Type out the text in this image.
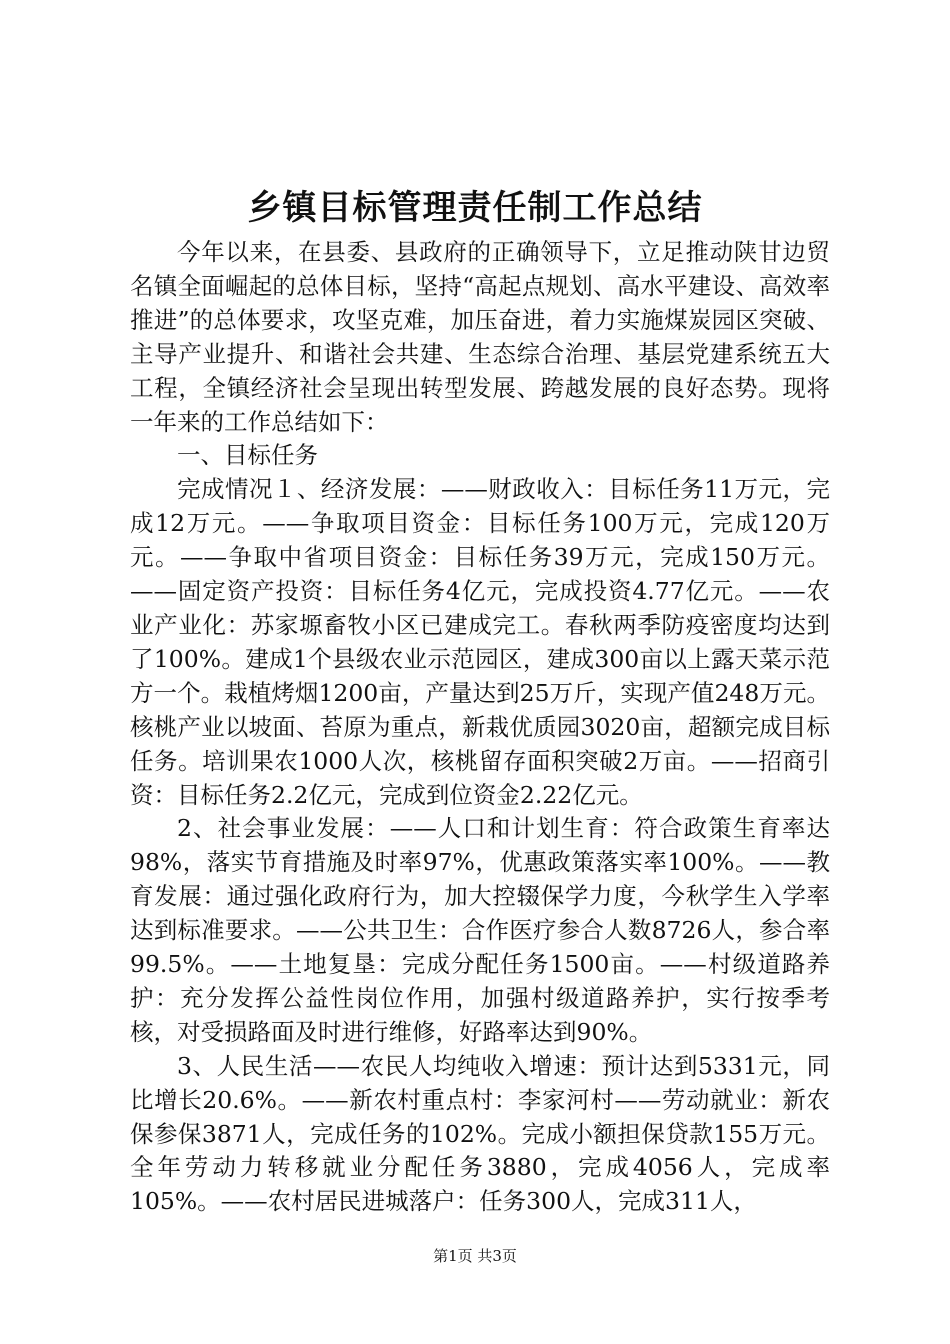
乡镇目标管理责任制工作总结

今年以来，在县委、县政府的正确领导下，立足推动陕甘边贸名镇全面崛起的总体目标，坚持“高起点规划、高水平建设、高效率推进”的总体要求，攻坚克难，加压奋进，着力实施煤炭园区突破、主导产业提升、和谐社会共建、生态综合治理、基层党建系统五大工程，全镇经济社会呈现出转型发展、跨越发展的良好态势。现将一年来的工作总结如下：

一、目标任务

完成情况１、经济发展：——财政收入：目标任务11万元，完成12万元。——争取项目资金：目标任务100万元，完成120万元。——争取中省项目资金：目标任务39万元，完成150万元。——固定资产投资：目标任务4亿元，完成投资4.77亿元。——农业产业化：苏家塬畜牧小区已建成完工。春秋两季防疫密度均达到了100%。建成1个县级农业示范园区，建成300亩以上露天菜示范方一个。栽植烤烟1200亩，产量达到25万斤，实现产值248万元。核桃产业以坡面、苔原为重点，新栽优质园3020亩，超额完成目标任务。培训果农1000人次，核桃留存面积突破2万亩。——招商引资：目标任务2.2亿元，完成到位资金2.22亿元。

2、社会事业发展：——人口和计划生育：符合政策生育率达98%，落实节育措施及时率97%，优惠政策落实率100%。——教育发展：通过强化政府行为，加大控辍保学力度，今秋学生入学率达到标准要求。——公共卫生：合作医疗参合人数8726人，参合率99.5%。——土地复垦：完成分配任务1500亩。——村级道路养护：充分发挥公益性岗位作用，加强村级道路养护，实行按季考核，对受损路面及时进行维修，好路率达到90%。

3、人民生活——农民人均纯收入增速：预计达到5331元，同比增长20.6%。——新农村重点村：李家河村——劳动就业：新农保参保3871人，完成任务的102%。完成小额担保贷款155万元。全年劳动力转移就业分配任务3880，完成4056人，完成率105%。——农村居民进城落户：任务300人，完成311人，

第1页 共3页
